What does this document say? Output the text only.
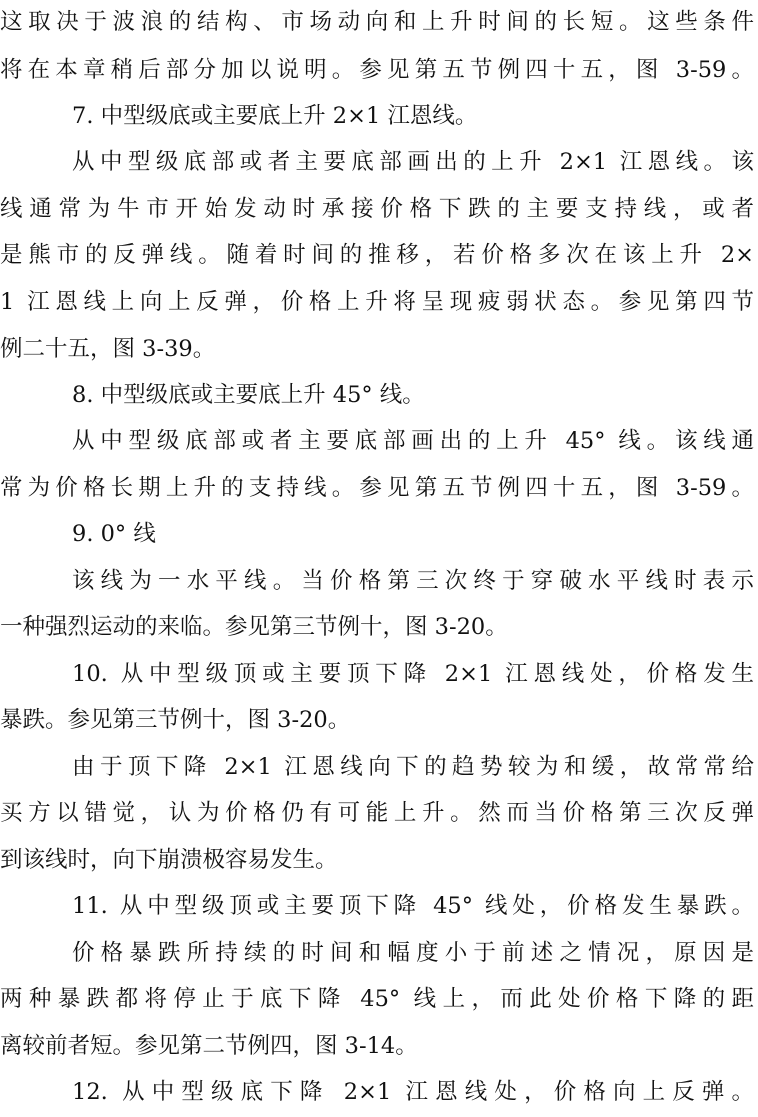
这取决于波浪的结构、市场动向和上升时间的长短。这些条件
将在本章稍后部分加以说明。参见第五节例四十五，图 3-59。
7. 中型级底或主要底上升 2×1 江恩线。
从中型级底部或者主要底部画出的上升 2×1 江恩线。该
线通常为牛市开始发动时承接价格下跌的主要支持线，或者
是熊市的反弹线。随着时间的推移，若价格多次在该上升 2×
1 江恩线上向上反弹，价格上升将呈现疲弱状态。参见第四节
例二十五，图 3-39。
8. 中型级底或主要底上升 45° 线。
从中型级底部或者主要底部画出的上升 45° 线。该线通
常为价格长期上升的支持线。参见第五节例四十五，图 3-59。
9. 0° 线
该线为一水平线。当价格第三次终于穿破水平线时表示
一种强烈运动的来临。参见第三节例十，图 3-20。
10. 从中型级顶或主要顶下降 2×1 江恩线处，价格发生
暴跌。参见第三节例十，图 3-20。
由于顶下降 2×1 江恩线向下的趋势较为和缓，故常常给
买方以错觉，认为价格仍有可能上升。然而当价格第三次反弹
到该线时，向下崩溃极容易发生。
11. 从中型级顶或主要顶下降 45° 线处，价格发生暴跌。
价格暴跌所持续的时间和幅度小于前述之情况，原因是
两种暴跌都将停止于底下降 45° 线上，而此处价格下降的距
离较前者短。参见第二节例四，图 3-14。
12. 从中型级底下降 2×1 江恩线处，价格向上反弹。
